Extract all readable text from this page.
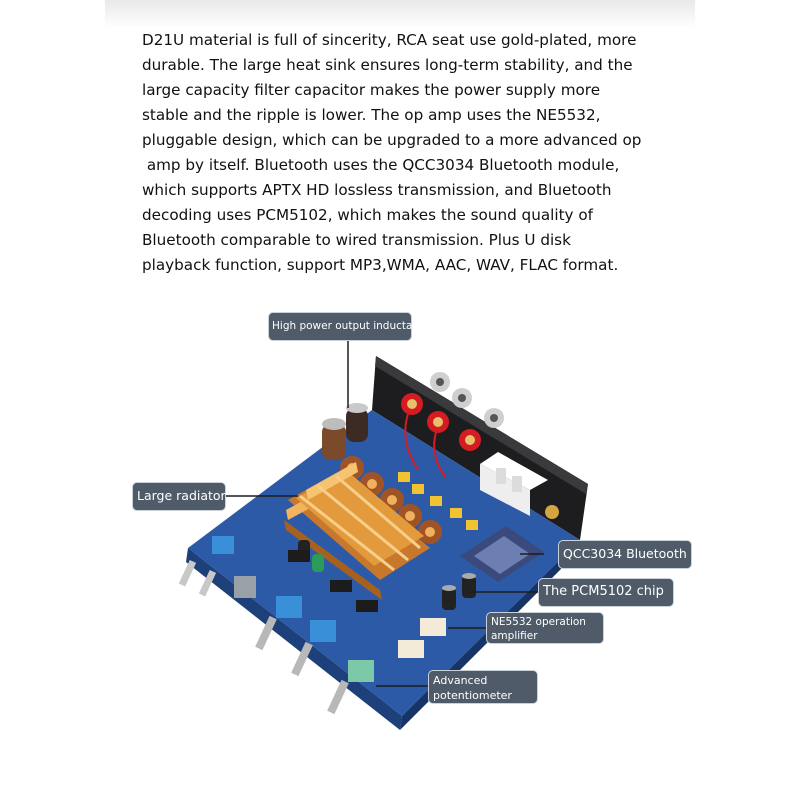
D21U material is full of sincerity, RCA seat use gold-plated, more
durable. The large heat sink ensures long-term stability, and the
large capacity filter capacitor makes the power supply more
stable and the ripple is lower. The op amp uses the NE5532,
pluggable design, which can be upgraded to a more advanced op
amp by itself. Bluetooth uses the QCC3034 Bluetooth module,
which supports APTX HD lossless transmission, and Bluetooth
decoding uses PCM5102, which makes the sound quality of
Bluetooth comparable to wired transmission. Plus U disk
playback function, support MP3,WMA, AAC, WAV, FLAC format.
High power output inductance
Large radiator
QCC3034 Bluetooth
The PCM5102 chip
NE5532 operation
amplifier
Advanced
potentiometer
